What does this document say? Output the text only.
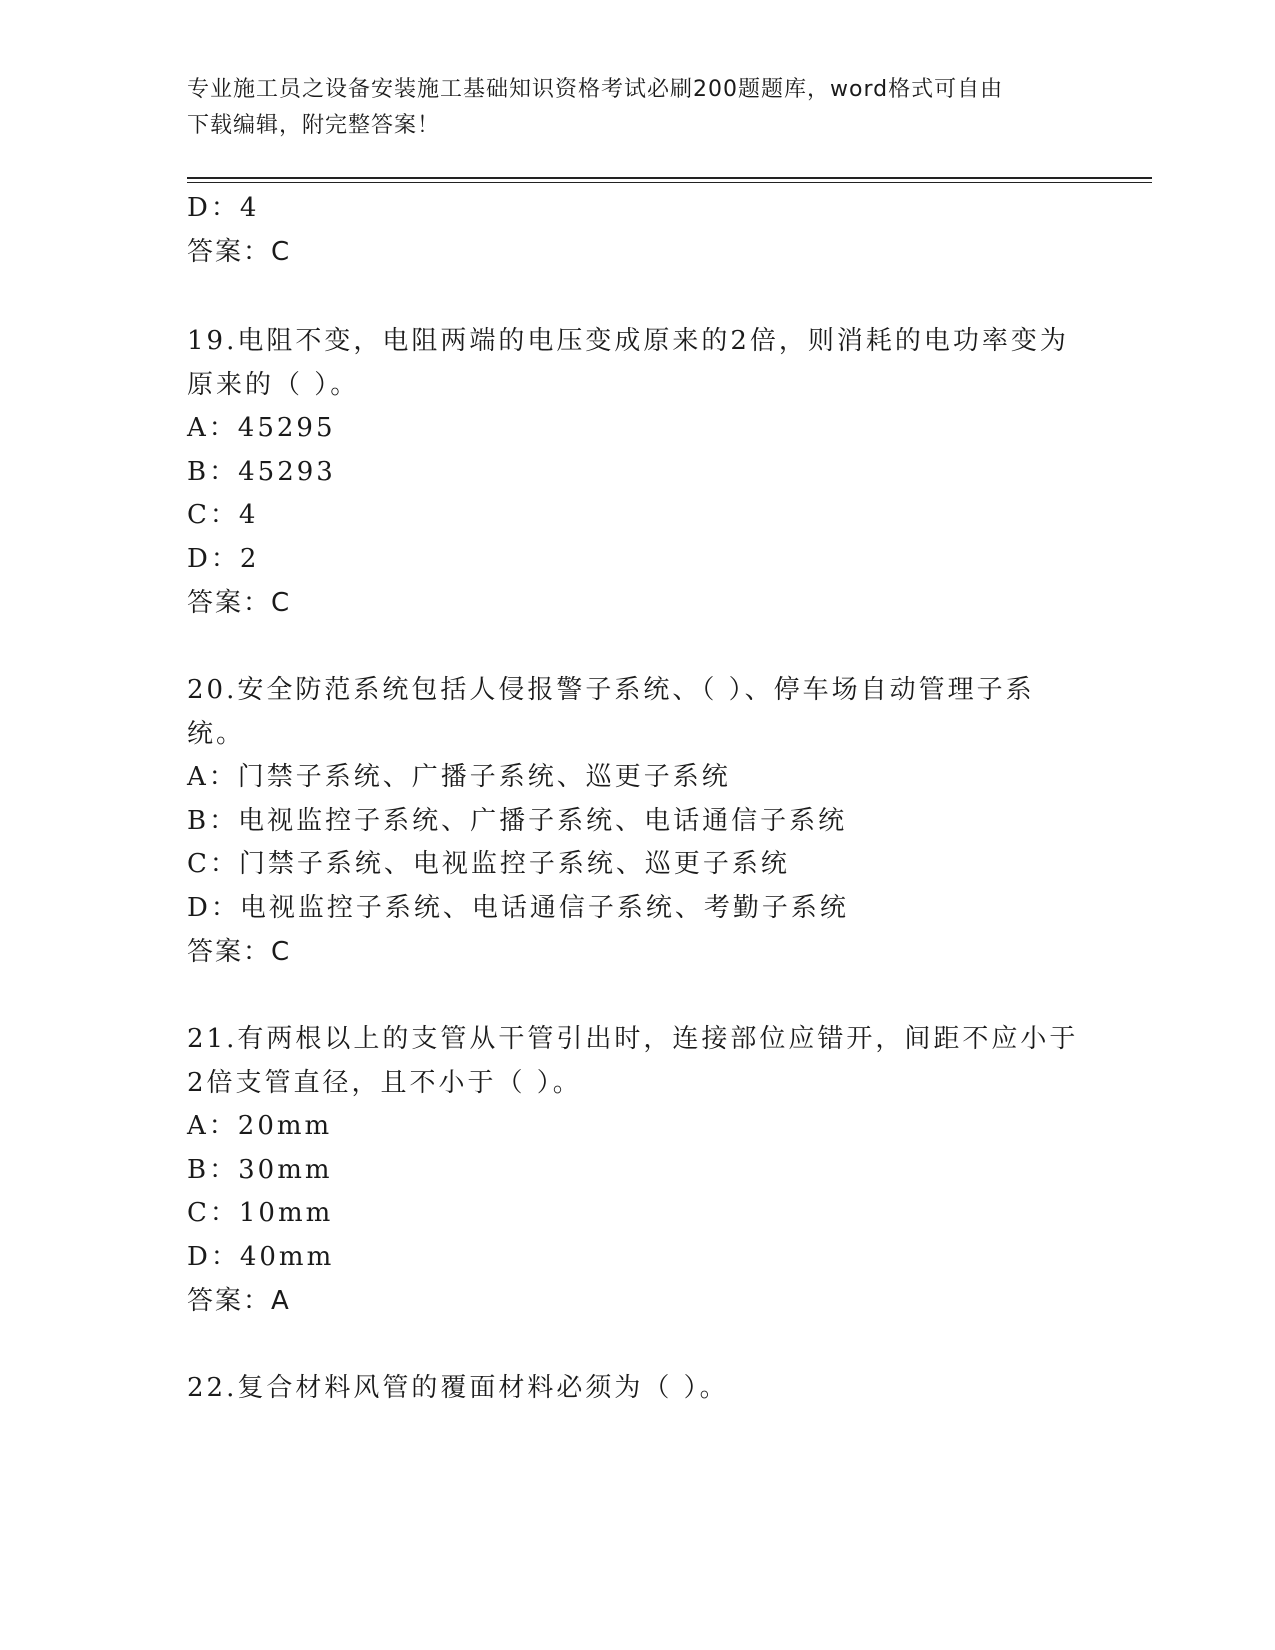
专业施工员之设备安装施工基础知识资格考试必刷200题题库，word格式可自由
下载编辑，附完整答案！
D：4
答案：C
19.电阻不变，电阻两端的电压变成原来的2倍，则消耗的电功率变为
原来的（ ）。
A：45295
B：45293
C：4
D：2
答案：C
20.安全防范系统包括人侵报警子系统、（ ）、停车场自动管理子系
统。
A：门禁子系统、广播子系统、巡更子系统
B：电视监控子系统、广播子系统、电话通信子系统
C：门禁子系统、电视监控子系统、巡更子系统
D：电视监控子系统、电话通信子系统、考勤子系统
答案：C
21.有两根以上的支管从干管引出时，连接部位应错开，间距不应小于
2倍支管直径，且不小于（ ）。
A：20mm
B：30mm
C：10mm
D：40mm
答案：A
22.复合材料风管的覆面材料必须为（ ）。
